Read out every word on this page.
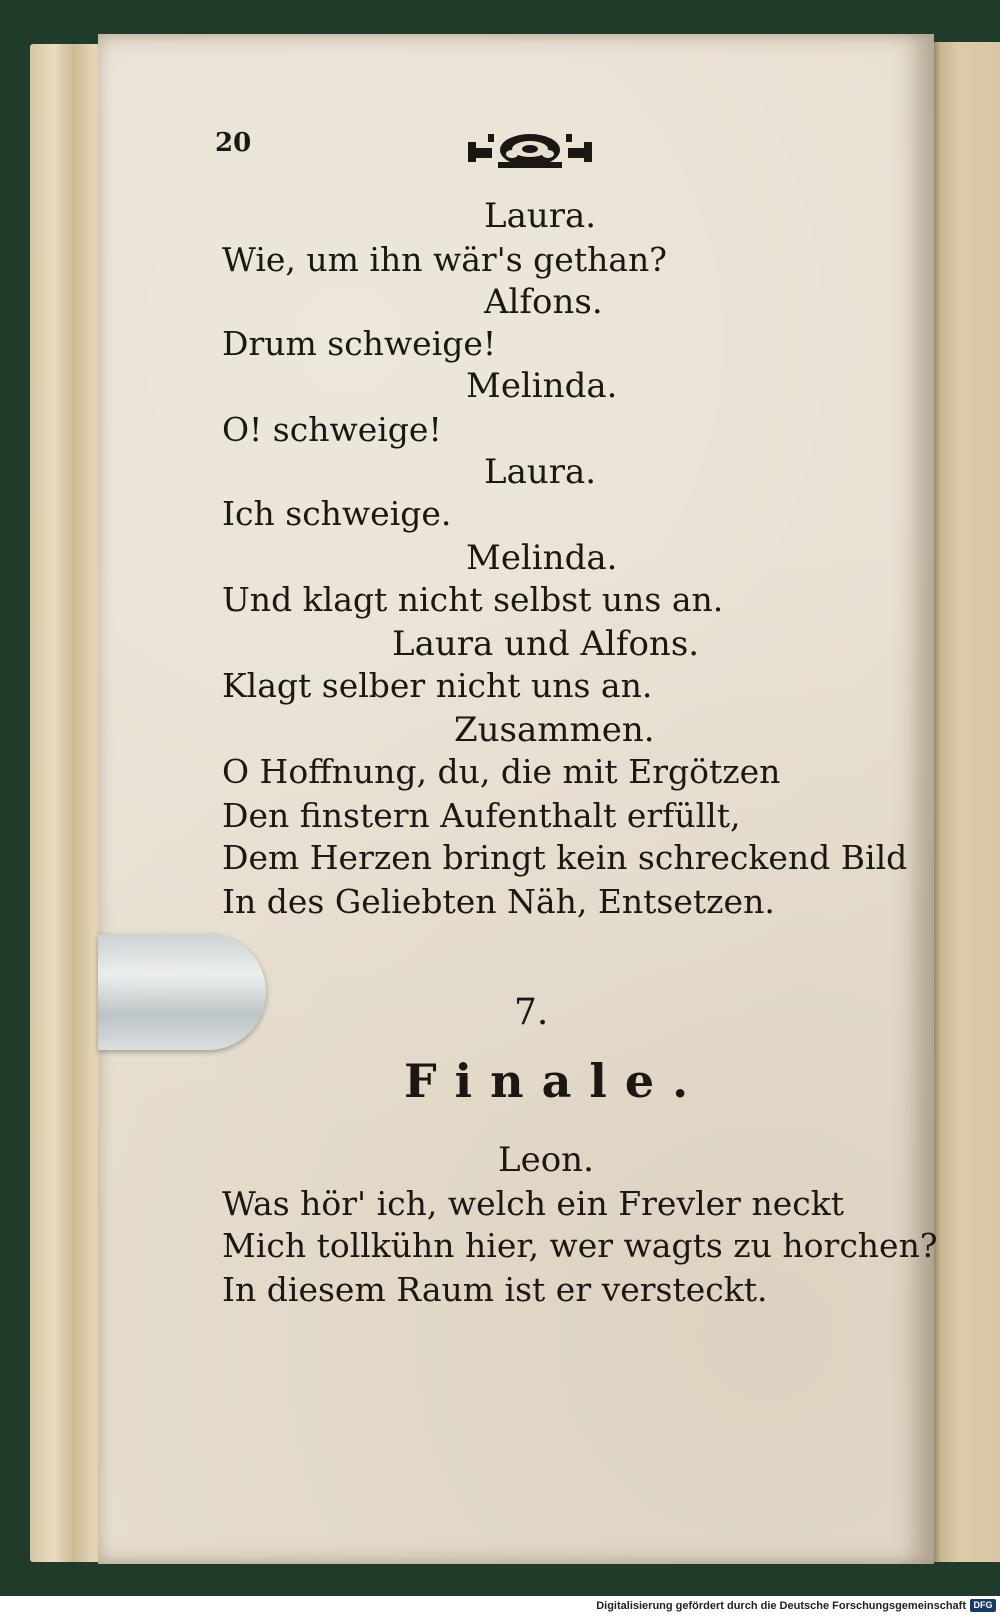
20
Laura.
Wie, um ihn wär's gethan?
Alfons.
Drum schweige!
Melinda.
O! schweige!
Laura.
Ich schweige.
Melinda.
Und klagt nicht selbst uns an.
Laura und Alfons.
Klagt selber nicht uns an.
Zusammen.
O Hoffnung, du, die mit Ergötzen
Den finstern Aufenthalt erfüllt,
Dem Herzen bringt kein schreckend Bild
In des Geliebten Näh, Entsetzen.
7.
Finale.
Leon.
Was hör' ich, welch ein Frevler neckt
Mich tollkühn hier, wer wagts zu horchen?
In diesem Raum ist er versteckt.
Digitalisierung gefördert durch die Deutsche Forschungsgemeinschaft DFG
